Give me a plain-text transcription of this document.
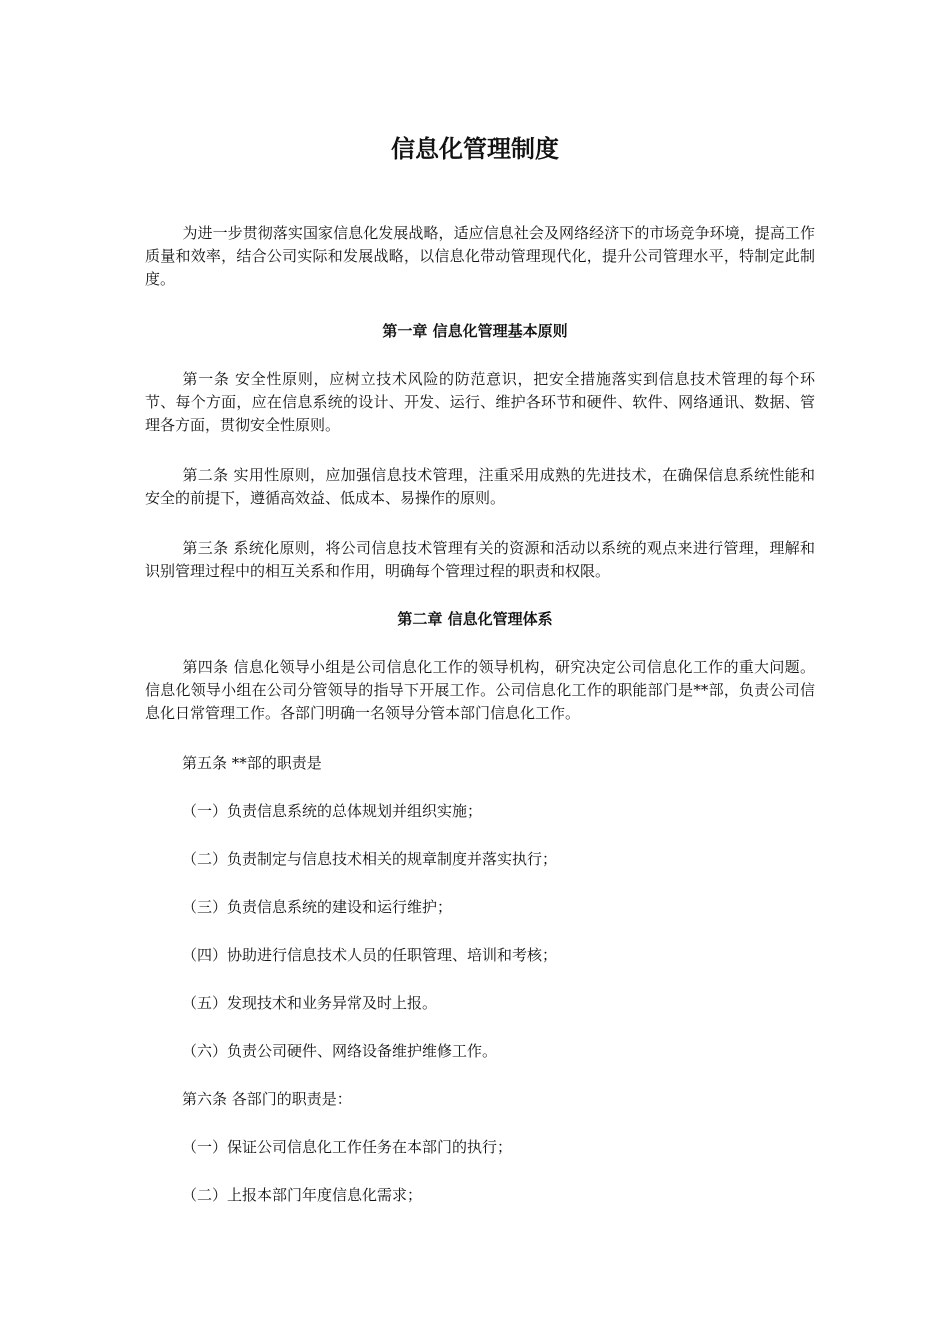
信息化管理制度

为进一步贯彻落实国家信息化发展战略，适应信息社会及网络经济下的市场竞争环境，提高工作质量和效率，结合公司实际和发展战略，以信息化带动管理现代化，提升公司管理水平，特制定此制度。

第一章 信息化管理基本原则

第一条 安全性原则，应树立技术风险的防范意识，把安全措施落实到信息技术管理的每个环节、每个方面，应在信息系统的设计、开发、运行、维护各环节和硬件、软件、网络通讯、数据、管理各方面，贯彻安全性原则。

第二条 实用性原则，应加强信息技术管理，注重采用成熟的先进技术，在确保信息系统性能和安全的前提下，遵循高效益、低成本、易操作的原则。

第三条 系统化原则，将公司信息技术管理有关的资源和活动以系统的观点来进行管理，理解和识别管理过程中的相互关系和作用，明确每个管理过程的职责和权限。

第二章 信息化管理体系

第四条 信息化领导小组是公司信息化工作的领导机构，研究决定公司信息化工作的重大问题。信息化领导小组在公司分管领导的指导下开展工作。公司信息化工作的职能部门是**部，负责公司信息化日常管理工作。各部门明确一名领导分管本部门信息化工作。

第五条 **部的职责是

（一）负责信息系统的总体规划并组织实施；

（二）负责制定与信息技术相关的规章制度并落实执行；

（三）负责信息系统的建设和运行维护；

（四）协助进行信息技术人员的任职管理、培训和考核；

（五）发现技术和业务异常及时上报。

（六）负责公司硬件、网络设备维护维修工作。

第六条 各部门的职责是：

（一）保证公司信息化工作任务在本部门的执行；

（二）上报本部门年度信息化需求；
